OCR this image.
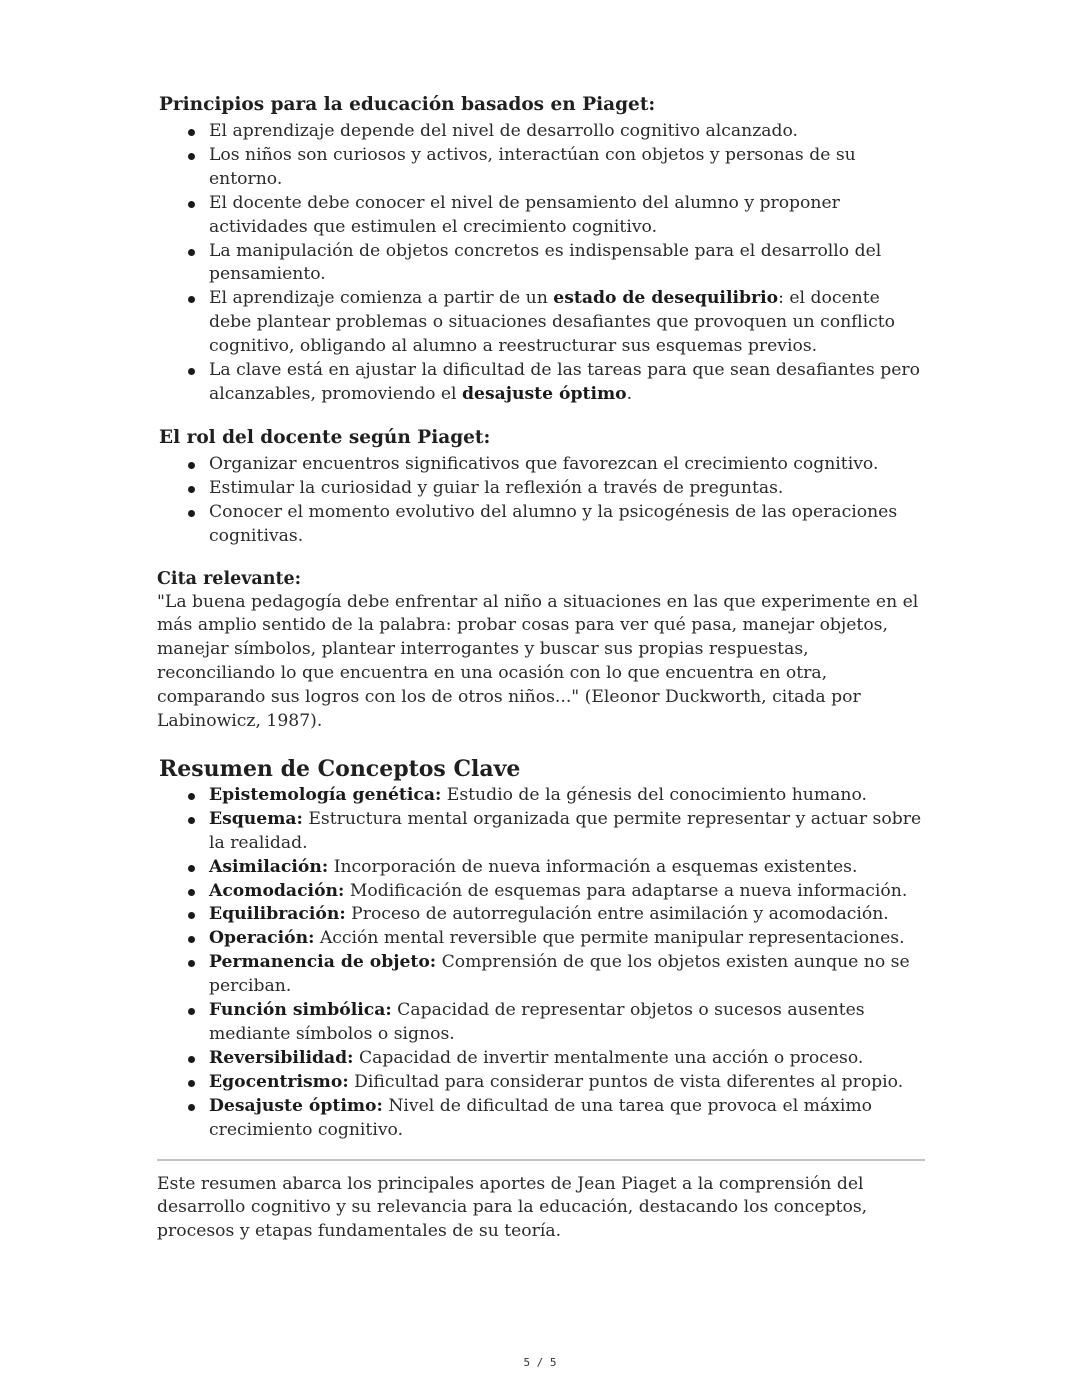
Principios para la educación basados en Piaget:
El aprendizaje depende del nivel de desarrollo cognitivo alcanzado.
Los niños son curiosos y activos, interactúan con objetos y personas de su entorno.
El docente debe conocer el nivel de pensamiento del alumno y proponer actividades que estimulen el crecimiento cognitivo.
La manipulación de objetos concretos es indispensable para el desarrollo del pensamiento.
El aprendizaje comienza a partir de un estado de desequilibrio: el docente debe plantear problemas o situaciones desafiantes que provoquen un conflicto cognitivo, obligando al alumno a reestructurar sus esquemas previos.
La clave está en ajustar la dificultad de las tareas para que sean desafiantes pero alcanzables, promoviendo el desajuste óptimo.
El rol del docente según Piaget:
Organizar encuentros significativos que favorezcan el crecimiento cognitivo.
Estimular la curiosidad y guiar la reflexión a través de preguntas.
Conocer el momento evolutivo del alumno y la psicogénesis de las operaciones cognitivas.
Cita relevante:

"La buena pedagogía debe enfrentar al niño a situaciones en las que experimente en el más amplio sentido de la palabra: probar cosas para ver qué pasa, manejar objetos, manejar símbolos, plantear interrogantes y buscar sus propias respuestas, reconciliando lo que encuentra en una ocasión con lo que encuentra en otra, comparando sus logros con los de otros niños..." (Eleonor Duckworth, citada por Labinowicz, 1987).

Resumen de Conceptos Clave
Epistemología genética: Estudio de la génesis del conocimiento humano.
Esquema: Estructura mental organizada que permite representar y actuar sobre la realidad.
Asimilación: Incorporación de nueva información a esquemas existentes.
Acomodación: Modificación de esquemas para adaptarse a nueva información.
Equilibración: Proceso de autorregulación entre asimilación y acomodación.
Operación: Acción mental reversible que permite manipular representaciones.
Permanencia de objeto: Comprensión de que los objetos existen aunque no se perciban.
Función simbólica: Capacidad de representar objetos o sucesos ausentes mediante símbolos o signos.
Reversibilidad: Capacidad de invertir mentalmente una acción o proceso.
Egocentrismo: Dificultad para considerar puntos de vista diferentes al propio.
Desajuste óptimo: Nivel de dificultad de una tarea que provoca el máximo crecimiento cognitivo.

Este resumen abarca los principales aportes de Jean Piaget a la comprensión del desarrollo cognitivo y su relevancia para la educación, destacando los conceptos, procesos y etapas fundamentales de su teoría.

5 / 5
